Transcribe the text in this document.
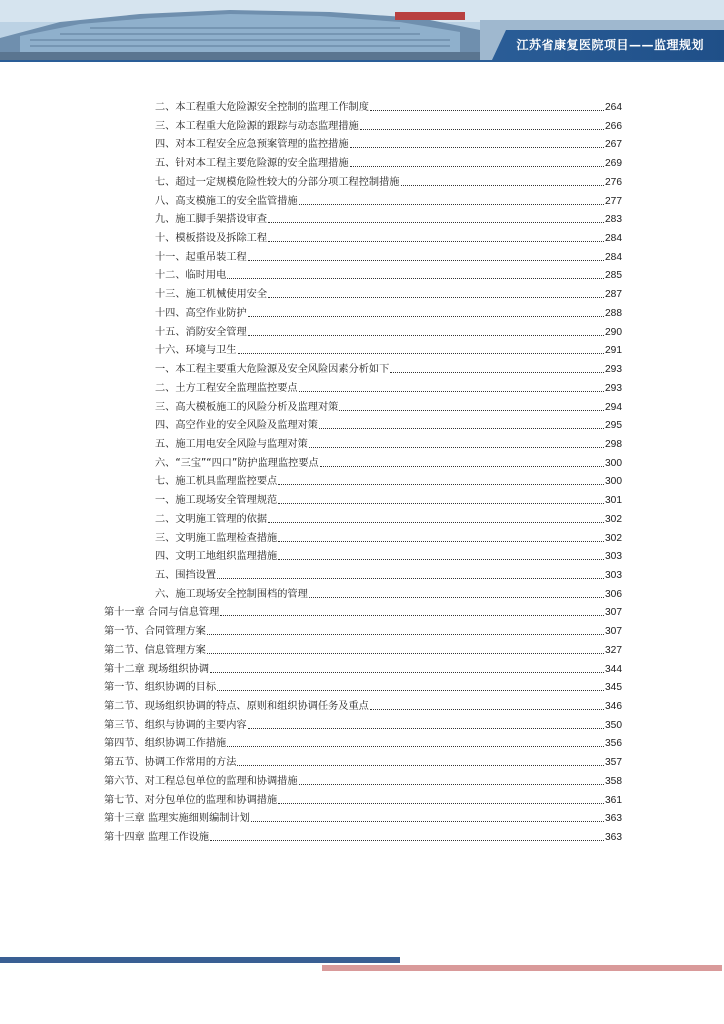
江苏省康复医院项目——监理规划
二、本工程重大危险源安全控制的监理工作制度	264
三、本工程重大危险源的跟踪与动态监理措施	266
四、对本工程安全应急预案管理的监控措施	267
五、针对本工程主要危险源的安全监理措施	269
七、超过一定规模危险性较大的分部分项工程控制措施	276
八、高支模施工的安全监管措施	277
九、施工脚手架搭设审查	283
十、模板搭设及拆除工程	284
十一、起重吊装工程	284
十二、临时用电	285
十三、施工机械使用安全	287
十四、高空作业防护	288
十五、消防安全管理	290
十六、环境与卫生	291
一、本工程主要重大危险源及安全风险因素分析如下	293
二、土方工程安全监理监控要点	293
三、高大模板施工的风险分析及监理对策	294
四、高空作业的安全风险及监理对策	295
五、施工用电安全风险与监理对策	298
六、“三宝”“四口”防护监理监控要点	300
七、施工机具监理监控要点	300
一、施工现场安全管理规范	301
二、文明施工管理的依据	302
三、文明施工监理检查措施	302
四、文明工地组织监理措施	303
五、围挡设置	303
六、施工现场安全控制围档的管理	306
第十一章 合同与信息管理	307
第一节、合同管理方案	307
第二节、信息管理方案	327
第十二章 现场组织协调	344
第一节、组织协调的目标	345
第二节、现场组织协调的特点、原则和组织协调任务及重点	346
第三节、组织与协调的主要内容	350
第四节、组织协调工作措施	356
第五节、协调工作常用的方法	357
第六节、对工程总包单位的监理和协调措施	358
第七节、对分包单位的监理和协调措施	361
第十三章 监理实施细则编制计划	363
第十四章 监理工作设施	363
